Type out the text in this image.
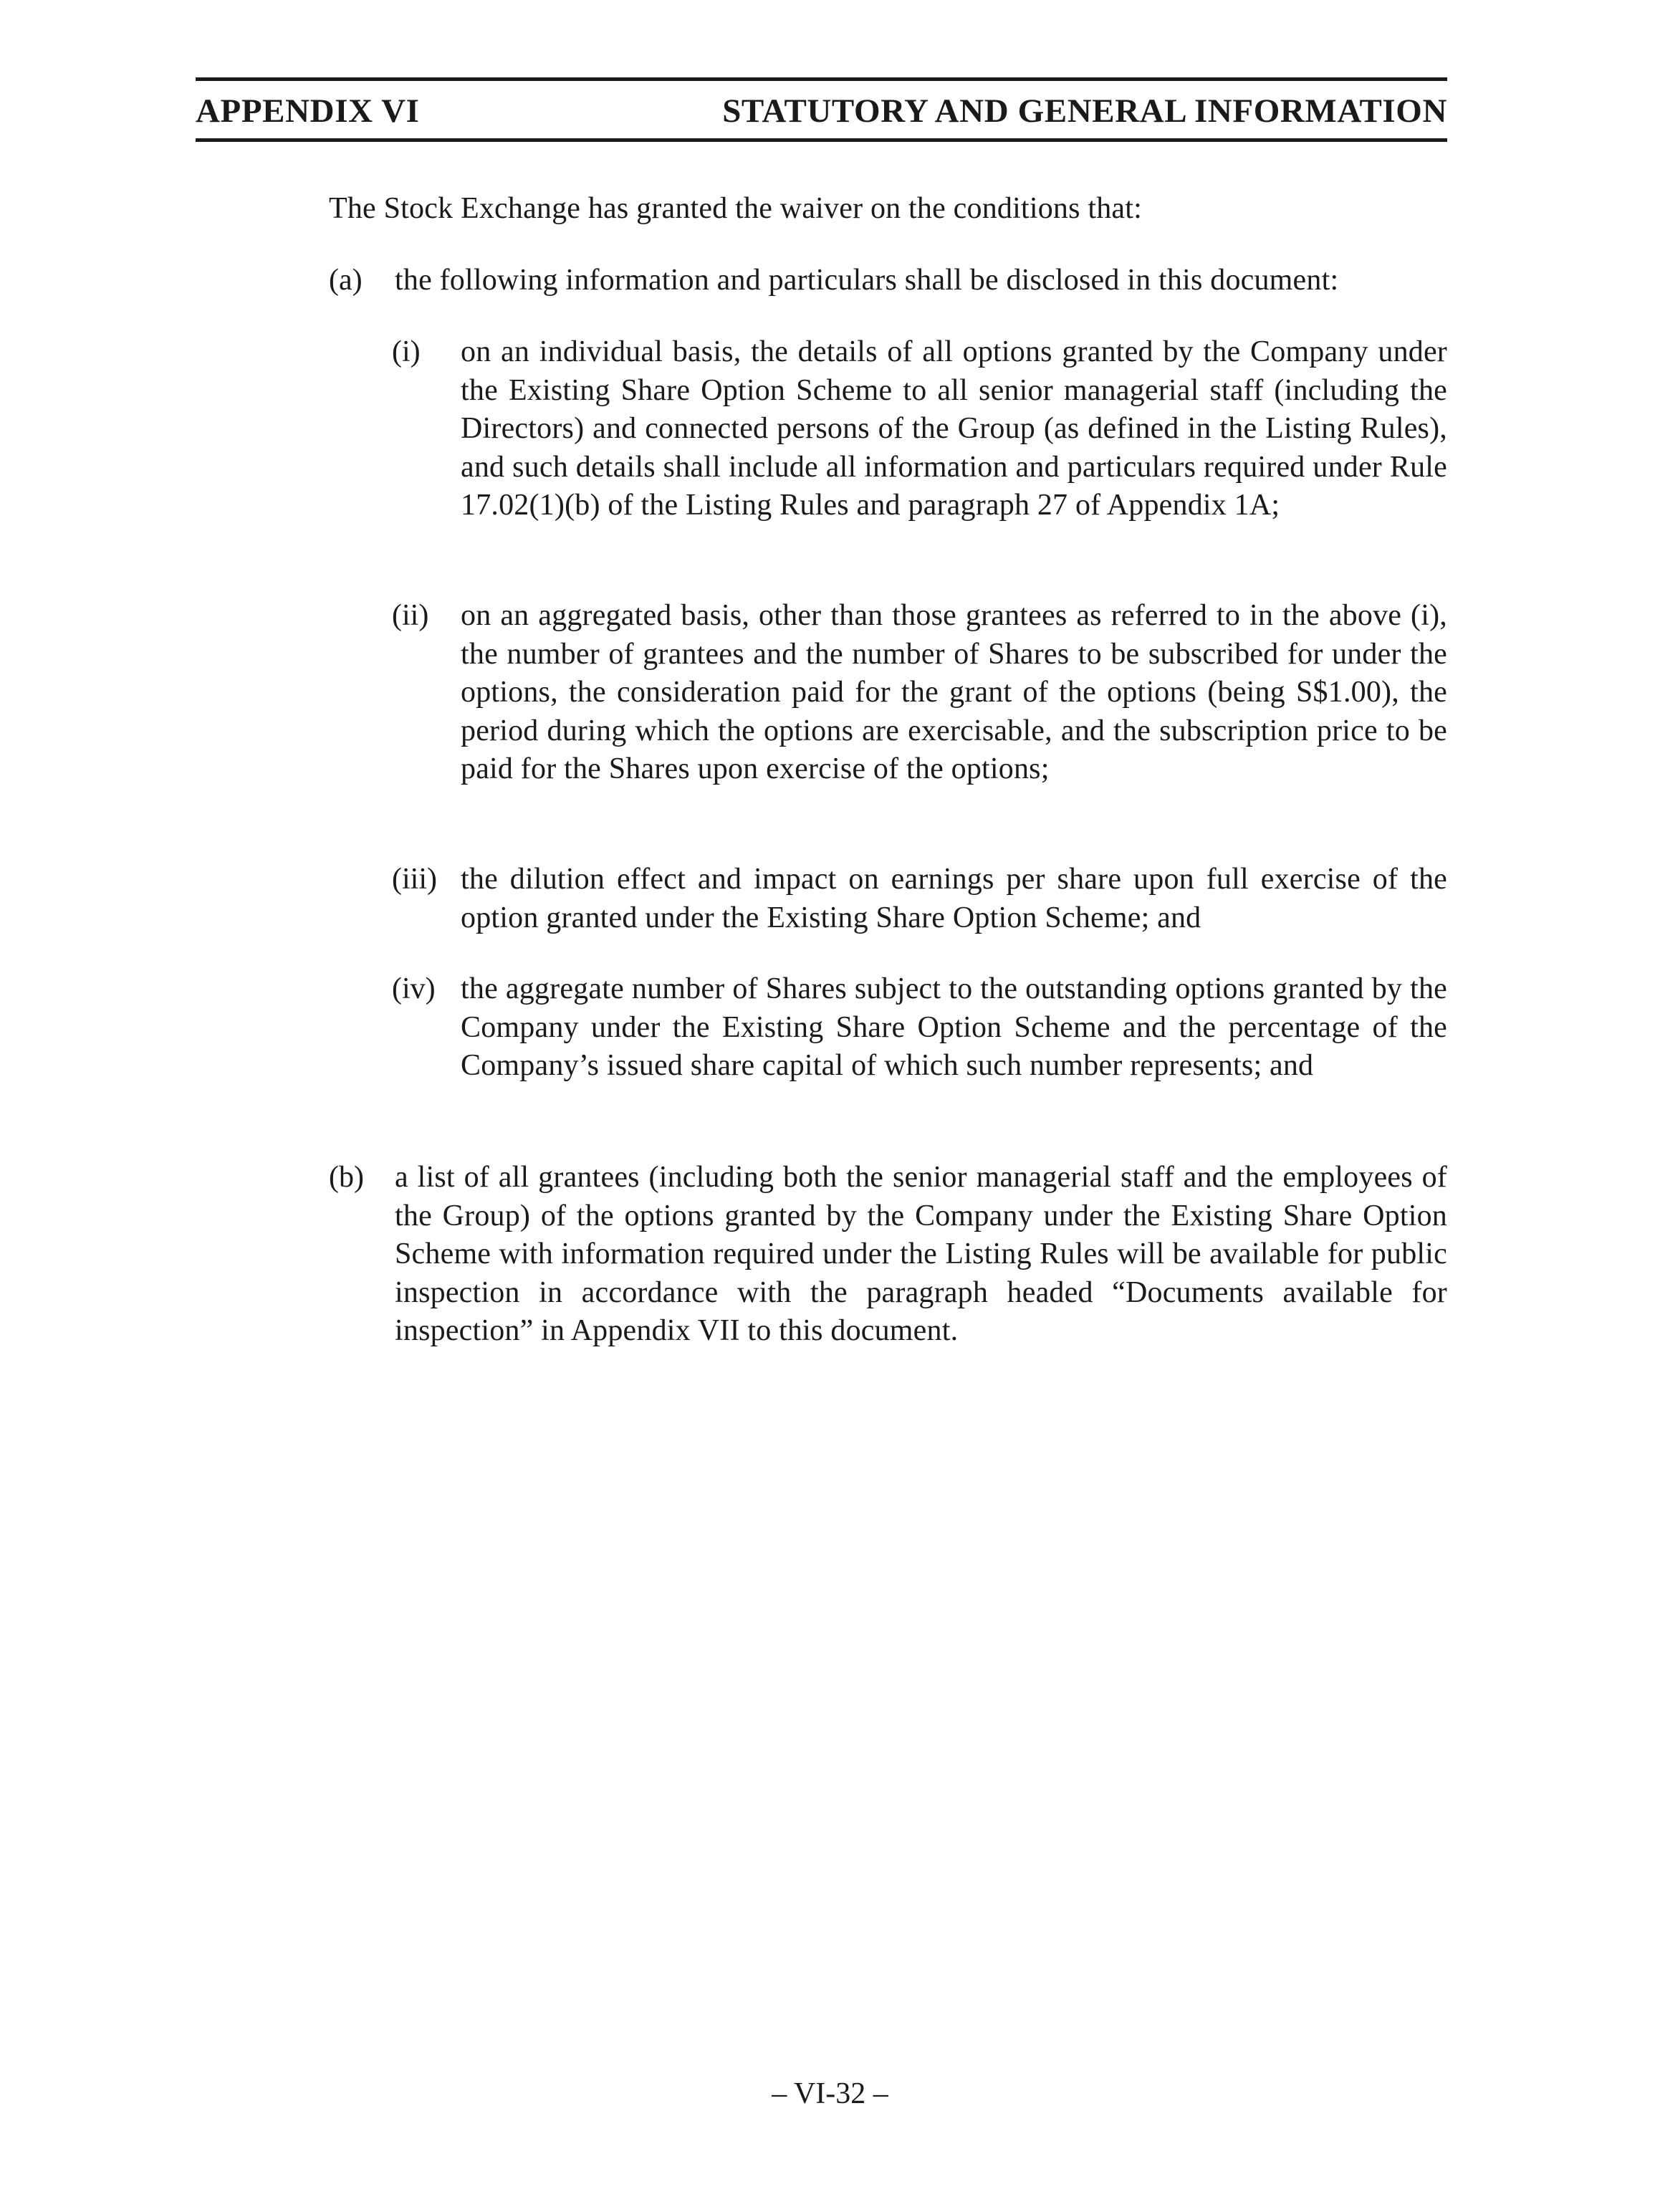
APPENDIX VI	STATUTORY AND GENERAL INFORMATION
The Stock Exchange has granted the waiver on the conditions that:
(a) the following information and particulars shall be disclosed in this document:
(i) on an individual basis, the details of all options granted by the Company under the Existing Share Option Scheme to all senior managerial staff (including the Directors) and connected persons of the Group (as defined in the Listing Rules), and such details shall include all information and particulars required under Rule 17.02(1)(b) of the Listing Rules and paragraph 27 of Appendix 1A;
(ii) on an aggregated basis, other than those grantees as referred to in the above (i), the number of grantees and the number of Shares to be subscribed for under the options, the consideration paid for the grant of the options (being S$1.00), the period during which the options are exercisable, and the subscription price to be paid for the Shares upon exercise of the options;
(iii) the dilution effect and impact on earnings per share upon full exercise of the option granted under the Existing Share Option Scheme; and
(iv) the aggregate number of Shares subject to the outstanding options granted by the Company under the Existing Share Option Scheme and the percentage of the Company’s issued share capital of which such number represents; and
(b) a list of all grantees (including both the senior managerial staff and the employees of the Group) of the options granted by the Company under the Existing Share Option Scheme with information required under the Listing Rules will be available for public inspection in accordance with the paragraph headed “Documents available for inspection” in Appendix VII to this document.
– VI-32 –
